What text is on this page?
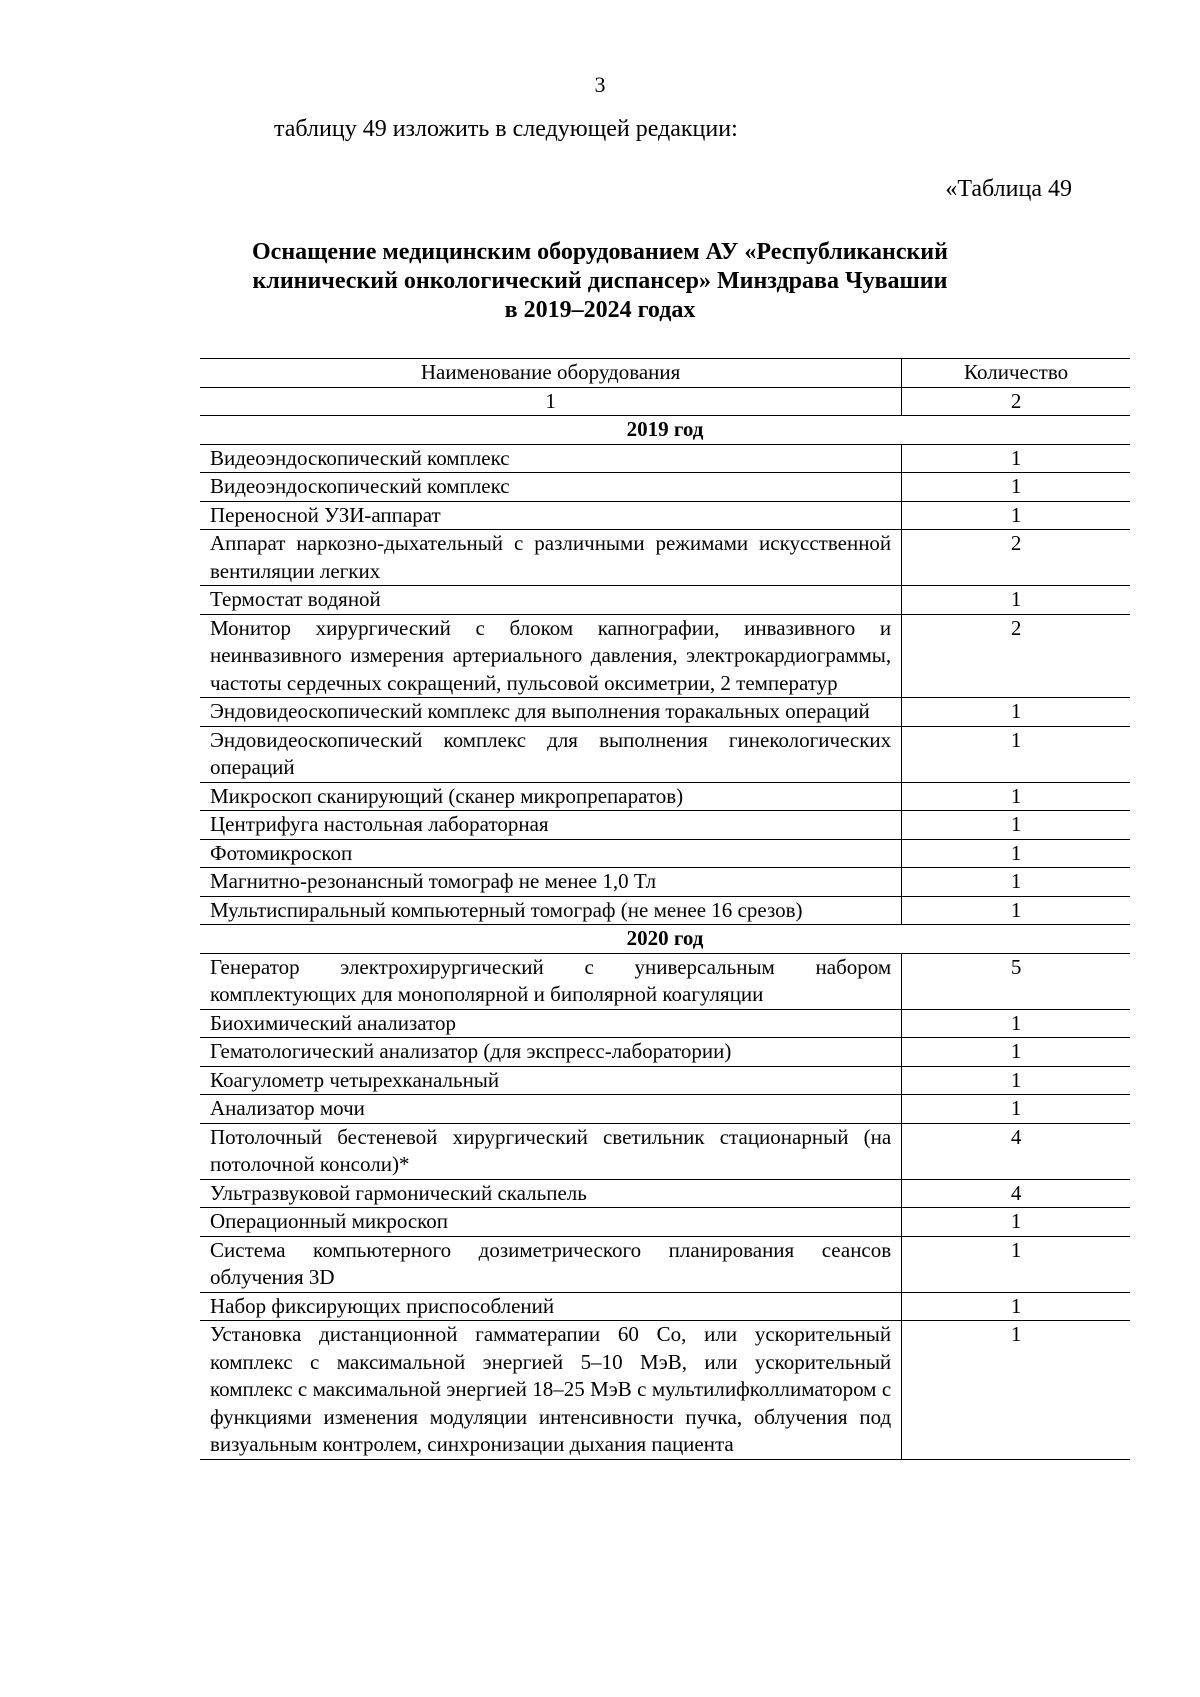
3
таблицу 49 изложить в следующей редакции:
«Таблица 49
Оснащение медицинским оборудованием АУ «Республиканский
клинический онкологический диспансер» Минздрава Чувашии
в 2019–2024 годах
Наименование оборудования	Количество
1	2
2019 год	
Видеоэндоскопический комплекс	1
Видеоэндоскопический комплекс	1
Переносной УЗИ-аппарат	1
Аппарат наркозно-дыхательный с различными режимами искусственной вентиляции легких	2
Термостат водяной	1
Монитор хирургический с блоком капнографии, инвазивного и неинвазивного измерения артериального давления, электрокардиограммы, частоты сердечных сокращений, пульсовой оксиметрии, 2 температур	2
Эндовидеоскопический комплекс для выполнения торакальных операций	1
Эндовидеоскопический комплекс для выполнения гинекологических операций	1
Микроскоп сканирующий (сканер микропрепаратов)	1
Центрифуга настольная лабораторная	1
Фотомикроскоп	1
Магнитно-резонансный томограф не менее 1,0 Тл	1
Мультиспиральный компьютерный томограф (не менее 16 срезов)	1
2020 год	
Генератор электрохирургический с универсальным набором комплектующих для монополярной и биполярной коагуляции	5
Биохимический анализатор	1
Гематологический анализатор (для экспресс-лаборатории)	1
Коагулометр четырехканальный	1
Анализатор мочи	1
Потолочный бестеневой хирургический светильник стационарный (на потолочной консоли)*	4
Ультразвуковой гармонический скальпель	4
Операционный микроскоп	1
Система компьютерного дозиметрического планирования сеансов облучения 3D	1
Набор фиксирующих приспособлений	1
Установка дистанционной гамматерапии 60 Co, или ускорительный комплекс с максимальной энергией 5–10 МэВ, или ускорительный комплекс с максимальной энергией 18–25 МэВ с мультилифколлиматором с функциями изменения модуляции интенсивности пучка, облучения под визуальным контролем, синхронизации дыхания пациента	1
